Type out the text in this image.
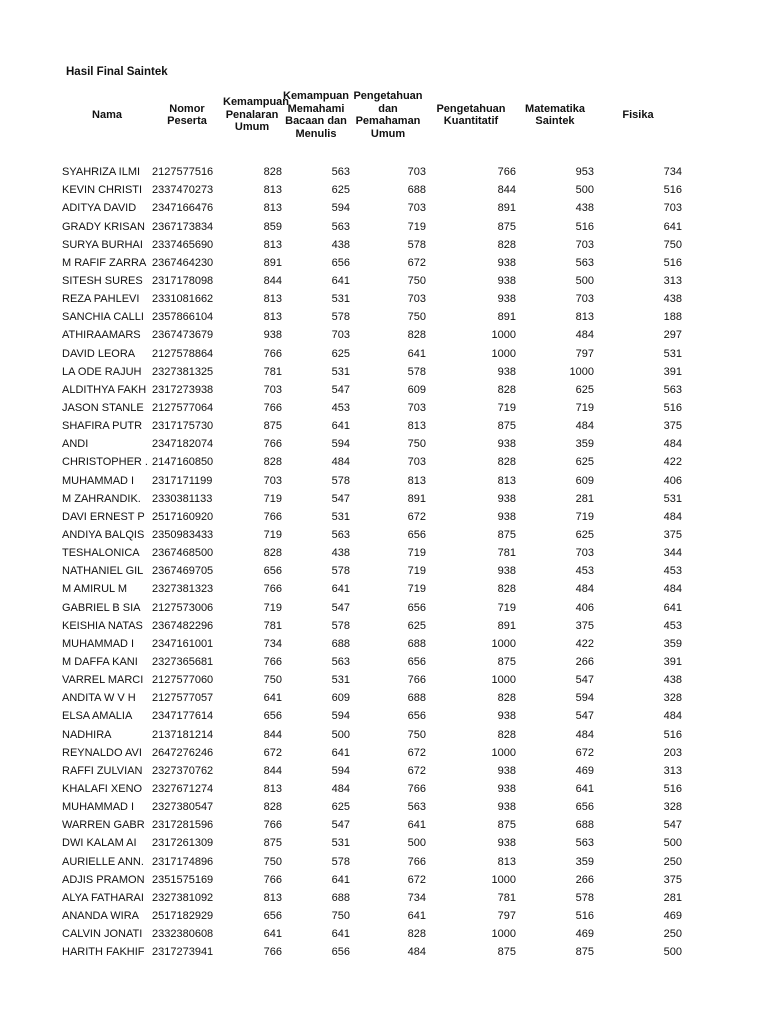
Hasil Final Saintek
Nama	Nomor Peserta	Kemampuan Penalaran Umum	Kemampuan Memahami Bacaan dan Menulis	Pengetahuan dan Pemahaman Umum	Pengetahuan Kuantitatif	Matematika Saintek	Fisika

SYAHRIZA ILMI	2127577516	828	563	703	766	953	734
KEVIN CHRISTI	2337470273	813	625	688	844	500	516
ADITYA DAVID	2347166476	813	594	703	891	438	703
GRADY KRISAN	2367173834	859	563	719	875	516	641
SURYA BURHAI	2337465690	813	438	578	828	703	750
M RAFIF ZARRA	2367464230	891	656	672	938	563	516
SITESH SURES	2317178098	844	641	750	938	500	313
REZA PAHLEVI	2331081662	813	531	703	938	703	438
SANCHIA CALLI	2357866104	813	578	750	891	813	188
ATHIRAAMARS	2367473679	938	703	828	1000	484	297
DAVID LEORA	2127578864	766	625	641	1000	797	531
LA ODE RAJUH	2327381325	781	531	578	938	1000	391
ALDITHYA FAKH	2317273938	703	547	609	828	625	563
JASON STANLE	2127577064	766	453	703	719	719	516
SHAFIRA PUTR	2317175730	875	641	813	875	484	375
ANDI	2347182074	766	594	750	938	359	484
CHRISTOPHER .	2147160850	828	484	703	828	625	422
MUHAMMAD I	2317171199	703	578	813	813	609	406
M ZAHRANDIK.	2330381133	719	547	891	938	281	531
DAVI ERNEST P	2517160920	766	531	672	938	719	484
ANDIYA BALQIS	2350983433	719	563	656	875	625	375
TESHALONICA	2367468500	828	438	719	781	703	344
NATHANIEL GIL	2367469705	656	578	719	938	453	453
M AMIRUL M	2327381323	766	641	719	828	484	484
GABRIEL B SIA	2127573006	719	547	656	719	406	641
KEISHIA NATAS	2367482296	781	578	625	891	375	453
MUHAMMAD I	2347161001	734	688	688	1000	422	359
M DAFFA KANI	2327365681	766	563	656	875	266	391
VARREL MARCI	2127577060	750	531	766	1000	547	438
ANDITA W V H	2127577057	641	609	688	828	594	328
ELSA AMALIA	2347177614	656	594	656	938	547	484
NADHIRA	2137181214	844	500	750	828	484	516
REYNALDO AVI	2647276246	672	641	672	1000	672	203
RAFFI ZULVIAN	2327370762	844	594	672	938	469	313
KHALAFI XENO	2327671274	813	484	766	938	641	516
MUHAMMAD I	2327380547	828	625	563	938	656	328
WARREN GABR	2317281596	766	547	641	875	688	547
DWI KALAM AI	2317261309	875	531	500	938	563	500
AURIELLE ANN.	2317174896	750	578	766	813	359	250
ADJIS PRAMON	2351575169	766	641	672	1000	266	375
ALYA FATHARAI	2327381092	813	688	734	781	578	281
ANANDA WIRA	2517182929	656	750	641	797	516	469
CALVIN JONATI	2332380608	641	641	828	1000	469	250
HARITH FAKHIF	2317273941	766	656	484	875	875	500
